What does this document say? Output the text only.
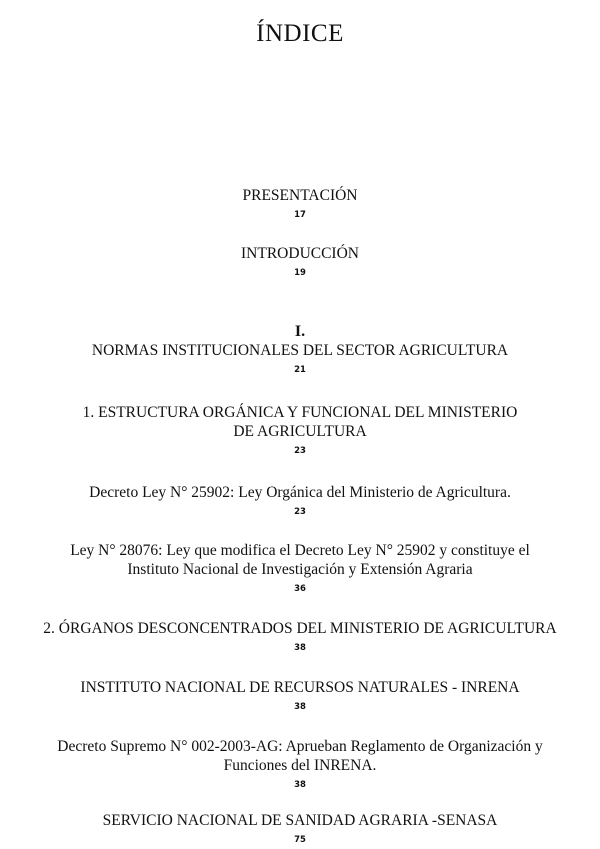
ÍNDICE
PRESENTACIÓN
17
INTRODUCCIÓN
19
I.
NORMAS INSTITUCIONALES DEL SECTOR AGRICULTURA
21
1. ESTRUCTURA ORGÁNICA Y FUNCIONAL DEL MINISTERIO
DE AGRICULTURA
23
Decreto Ley N° 25902: Ley Orgánica del Ministerio de Agricultura.
23
Ley N° 28076: Ley que modifica el Decreto Ley N° 25902 y constituye el
Instituto Nacional de Investigación y Extensión Agraria
36
2. ÓRGANOS DESCONCENTRADOS DEL MINISTERIO DE AGRICULTURA
38
INSTITUTO NACIONAL DE RECURSOS NATURALES - INRENA
38
Decreto Supremo N° 002-2003-AG: Aprueban Reglamento de Organización y
Funciones del INRENA.
38
SERVICIO NACIONAL DE SANIDAD AGRARIA -SENASA
75
